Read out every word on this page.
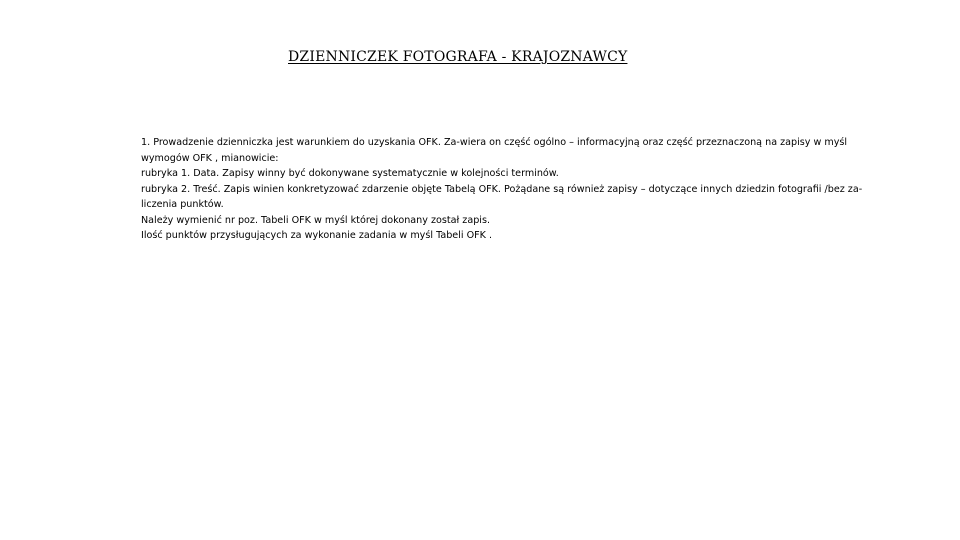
DZIENNICZEK FOTOGRAFA - KRAJOZNAWCY

1. Prowadzenie dzienniczka jest warunkiem do uzyskania OFK. Za-wiera on część ogólno – informacyjną oraz część przeznaczoną na zapisy w myśl wymogów OFK , mianowicie:

rubryka 1. Data. Zapisy winny być dokonywane systematycznie w kolejności terminów.

rubryka 2. Treść. Zapis winien konkretyzować zdarzenie objęte Tabelą OFK. Pożądane są również zapisy – dotyczące innych dziedzin fotografii /bez za-liczenia punktów.

Należy wymienić nr poz. Tabeli OFK w myśl której dokonany został zapis.

Ilość punktów przysługujących za wykonanie zadania w myśl Tabeli OFK .
